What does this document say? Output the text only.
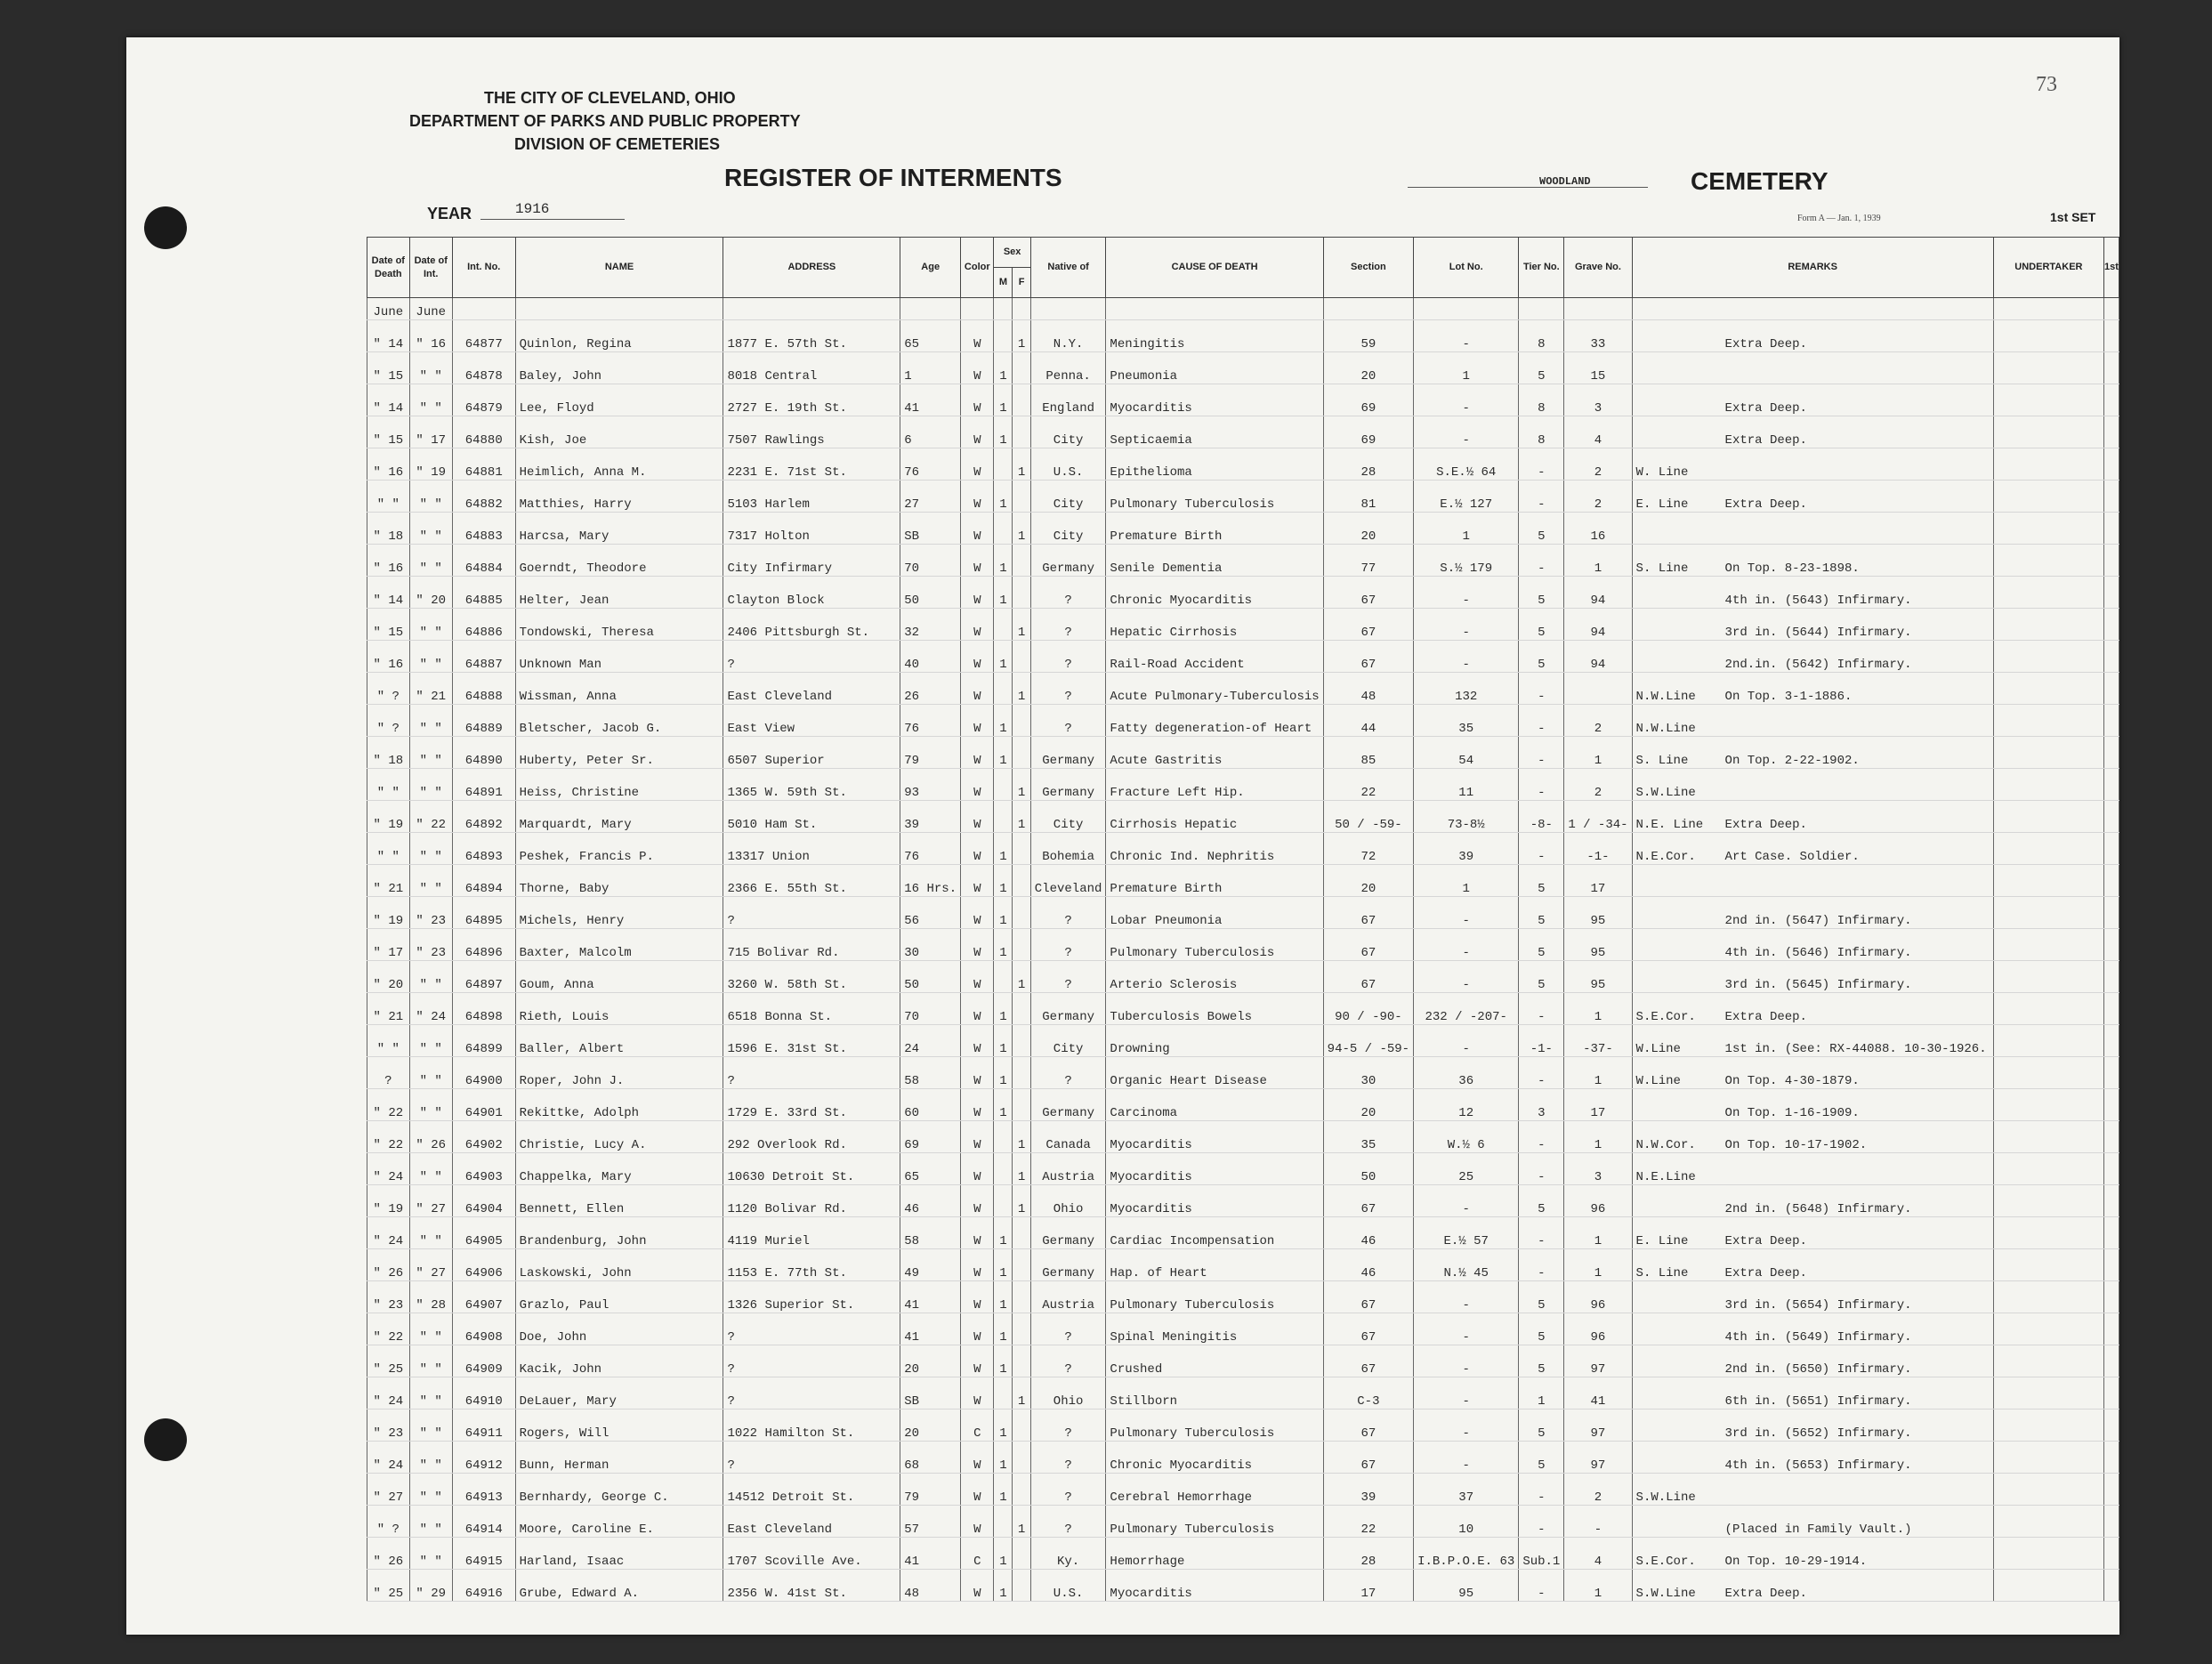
73
THE CITY OF CLEVELAND, OHIO
DEPARTMENT OF PARKS AND PUBLIC PROPERTY
DIVISION OF CEMETERIES
REGISTER OF INTERMENTS
YEAR	1916
WOODLAND	CEMETERY
Form A — Jan. 1, 1939	1st SET
Date of Death	Date of Int.	Int. No.	NAME	ADDRESS	Age	Color	Sex		Native of	CAUSE OF DEATH	Section	Lot No.	Tier No.	Grave No.	REMARKS	UNDERTAKER	1st
							M	F									
June	June																
" 14	" 16	64877	Quinlon, Regina	1877 E. 57th St.	65	W		1	N.Y.	Meningitis	59	-	8	33	Extra Deep.		
" 15	" "	64878	Baley, John	8018 Central	1	W	1		Penna.	Pneumonia	20	1	5	15			
" 14	" "	64879	Lee, Floyd	2727 E. 19th St.	41	W	1		England	Myocarditis	69	-	8	3	Extra Deep.		
" 15	" 17	64880	Kish, Joe	7507 Rawlings	6	W	1		City	Septicaemia	69	-	8	4	Extra Deep.		
" 16	" 19	64881	Heimlich, Anna M.	2231 E. 71st St.	76	W		1	U.S.	Epithelioma	28	S.E.½ 64	-	2	W. Line		
" "	" "	64882	Matthies, Harry	5103 Harlem	27	W	1		City	Pulmonary Tuberculosis	81	E.½ 127	-	2	E. Line Extra Deep.		
" 18	" "	64883	Harcsa, Mary	7317 Holton	SB	W		1	City	Premature Birth	20	1	5	16			
" 16	" "	64884	Goerndt, Theodore	City Infirmary	70	W	1		Germany	Senile Dementia	77	S.½ 179	-	1	S. Line On Top. 8-23-1898.		
" 14	" 20	64885	Helter, Jean	Clayton Block	50	W	1		?	Chronic Myocarditis	67	-	5	94	4th in. (5643) Infirmary.		
" 15	" "	64886	Tondowski, Theresa	2406 Pittsburgh St.	32	W		1	?	Hepatic Cirrhosis	67	-	5	94	3rd in. (5644) Infirmary.		
" 16	" "	64887	Unknown Man	?	40	W	1		?	Rail-Road Accident	67	-	5	94	2nd.in. (5642) Infirmary.		
" ?	" 21	64888	Wissman, Anna	East Cleveland	26	W		1	?	Acute Pulmonary-Tuberculosis	48	132	-		N.W.Line On Top. 3-1-1886.		
" ?	" "	64889	Bletscher, Jacob G.	East View	76	W	1		?	Fatty degeneration-of Heart	44	35	-	2	N.W.Line		
" 18	" "	64890	Huberty, Peter Sr.	6507 Superior	79	W	1		Germany	Acute Gastritis	85	54	-	1	S. Line On Top. 2-22-1902.		
" "	" "	64891	Heiss, Christine	1365 W. 59th St.	93	W		1	Germany	Fracture Left Hip.	22	11	-	2	S.W.Line		
" 19	" 22	64892	Marquardt, Mary	5010 Ham St.	39	W		1	City	Cirrhosis Hepatic	50 / -59-	73-8½	-8-	1 / -34-	N.E. Line Extra Deep.		
" "	" "	64893	Peshek, Francis P.	13317 Union	76	W	1		Bohemia	Chronic Ind. Nephritis	72	39	-	-1-	N.E.Cor. Art Case. Soldier.		
" 21	" "	64894	Thorne, Baby	2366 E. 55th St.	16 Hrs.	W	1		Cleveland	Premature Birth	20	1	5	17			
" 19	" 23	64895	Michels, Henry	?	56	W	1		?	Lobar Pneumonia	67	-	5	95	2nd in. (5647) Infirmary.		
" 17	" 23	64896	Baxter, Malcolm	715 Bolivar Rd.	30	W	1		?	Pulmonary Tuberculosis	67	-	5	95	4th in. (5646) Infirmary.		
" 20	" "	64897	Goum, Anna	3260 W. 58th St.	50	W		1	?	Arterio Sclerosis	67	-	5	95	3rd in. (5645) Infirmary.		
" 21	" 24	64898	Rieth, Louis	6518 Bonna St.	70	W	1		Germany	Tuberculosis Bowels	90 / -90-	232 / -207-	-	1	S.E.Cor. Extra Deep.		
" "	" "	64899	Baller, Albert	1596 E. 31st St.	24	W	1		City	Drowning	94-5 / -59-	-	-1-	-37-	W.Line 1st in. (See: RX-44088. 10-30-1926.		
?	" "	64900	Roper, John J.	?	58	W	1		?	Organic Heart Disease	30	36	-	1	W.Line On Top. 4-30-1879.		
" 22	" "	64901	Rekittke, Adolph	1729 E. 33rd St.	60	W	1		Germany	Carcinoma	20	12	3	17	On Top. 1-16-1909.		
" 22	" 26	64902	Christie, Lucy A.	292 Overlook Rd.	69	W		1	Canada	Myocarditis	35	W.½ 6	-	1	N.W.Cor. On Top. 10-17-1902.		
" 24	" "	64903	Chappelka, Mary	10630 Detroit St.	65	W		1	Austria	Myocarditis	50	25	-	3	N.E.Line		
" 19	" 27	64904	Bennett, Ellen	1120 Bolivar Rd.	46	W		1	Ohio	Myocarditis	67	-	5	96	2nd in. (5648) Infirmary.		
" 24	" "	64905	Brandenburg, John	4119 Muriel	58	W	1		Germany	Cardiac Incompensation	46	E.½ 57	-	1	E. Line Extra Deep.		
" 26	" 27	64906	Laskowski, John	1153 E. 77th St.	49	W	1		Germany	Hap. of Heart	46	N.½ 45	-	1	S. Line Extra Deep.		
" 23	" 28	64907	Grazlo, Paul	1326 Superior St.	41	W	1		Austria	Pulmonary Tuberculosis	67	-	5	96	3rd in. (5654) Infirmary.		
" 22	" "	64908	Doe, John	?	41	W	1		?	Spinal Meningitis	67	-	5	96	4th in. (5649) Infirmary.		
" 25	" "	64909	Kacik, John	?	20	W	1		?	Crushed	67	-	5	97	2nd in. (5650) Infirmary.		
" 24	" "	64910	DeLauer, Mary	?	SB	W		1	Ohio	Stillborn	C-3	-	1	41	6th in. (5651) Infirmary.		
" 23	" "	64911	Rogers, Will	1022 Hamilton St.	20	C	1		?	Pulmonary Tuberculosis	67	-	5	97	3rd in. (5652) Infirmary.		
" 24	" "	64912	Bunn, Herman	?	68	W	1		?	Chronic Myocarditis	67	-	5	97	4th in. (5653) Infirmary.		
" 27	" "	64913	Bernhardy, George C.	14512 Detroit St.	79	W	1		?	Cerebral Hemorrhage	39	37	-	2	S.W.Line		
" ?	" "	64914	Moore, Caroline E.	East Cleveland	57	W		1	?	Pulmonary Tuberculosis	22	10	-	-	(Placed in Family Vault.)		
" 26	" "	64915	Harland, Isaac	1707 Scoville Ave.	41	C	1		Ky.	Hemorrhage	28	I.B.P.O.E. 63	Sub.1	4	S.E.Cor. On Top. 10-29-1914.		
" 25	" 29	64916	Grube, Edward A.	2356 W. 41st St.	48	W	1		U.S.	Myocarditis	17	95	-	1	S.W.Line Extra Deep.		
